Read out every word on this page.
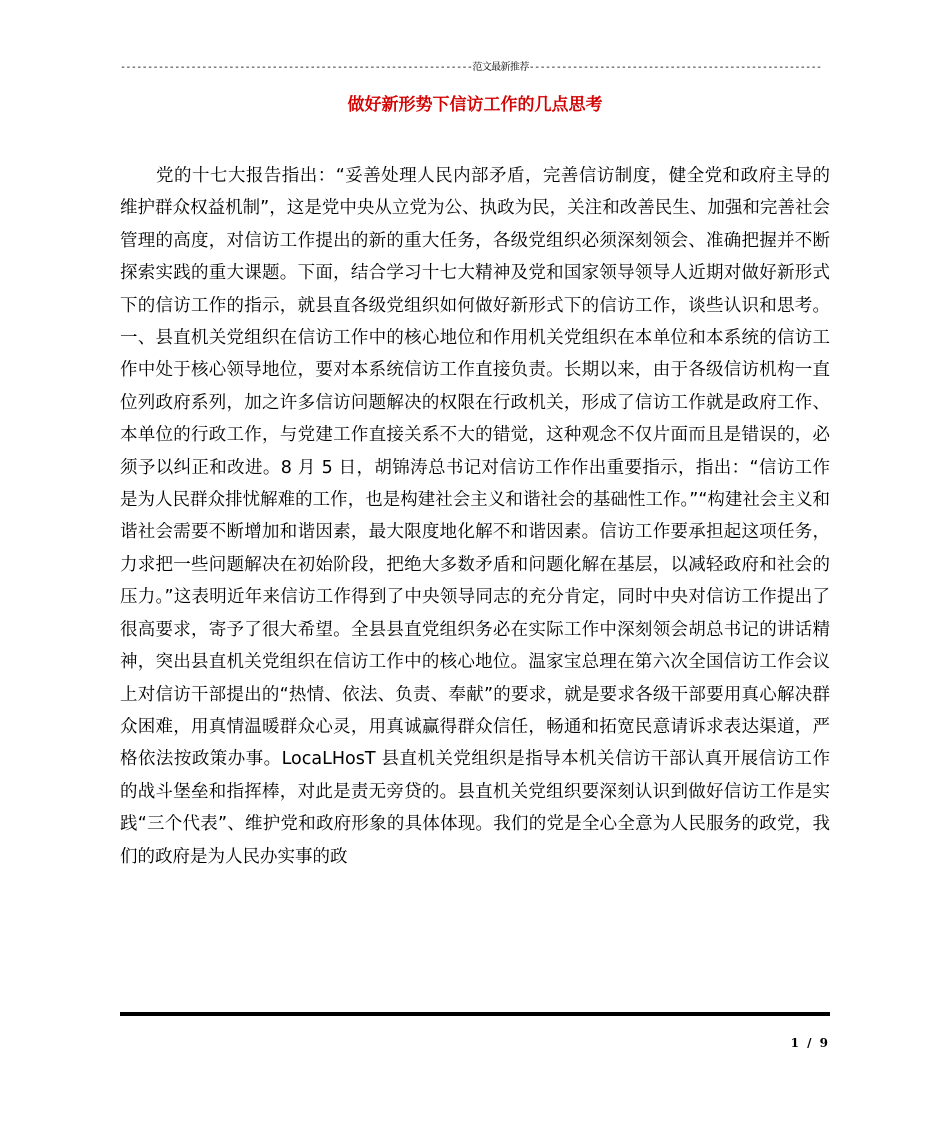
-----------------------------------------------------------------范文最新推荐------------------------------------------------------
做好新形势下信访工作的几点思考

党的十七大报告指出：“妥善处理人民内部矛盾，完善信访制度，健全党和政府主导的维护群众权益机制”，这是党中央从立党为公、执政为民，关注和改善民生、加强和完善社会管理的高度，对信访工作提出的新的重大任务，各级党组织必须深刻领会、准确把握并不断探索实践的重大课题。下面，结合学习十七大精神及党和国家领导领导人近期对做好新形式下的信访工作的指示，就县直各级党组织如何做好新形式下的信访工作，谈些认识和思考。一、县直机关党组织在信访工作中的核心地位和作用机关党组织在本单位和本系统的信访工作中处于核心领导地位，要对本系统信访工作直接负责。长期以来，由于各级信访机构一直位列政府系列，加之许多信访问题解决的权限在行政机关，形成了信访工作就是政府工作、本单位的行政工作，与党建工作直接关系不大的错觉，这种观念不仅片面而且是错误的，必须予以纠正和改进。8 月 5 日，胡锦涛总书记对信访工作作出重要指示，指出：“信访工作是为人民群众排忧解难的工作，也是构建社会主义和谐社会的基础性工作。”“构建社会主义和谐社会需要不断增加和谐因素，最大限度地化解不和谐因素。信访工作要承担起这项任务，力求把一些问题解决在初始阶段，把绝大多数矛盾和问题化解在基层，以减轻政府和社会的压力。”这表明近年来信访工作得到了中央领导同志的充分肯定，同时中央对信访工作提出了很高要求，寄予了很大希望。全县县直党组织务必在实际工作中深刻领会胡总书记的讲话精神，突出县直机关党组织在信访工作中的核心地位。温家宝总理在第六次全国信访工作会议上对信访干部提出的“热情、依法、负责、奉献”的要求，就是要求各级干部要用真心解决群众困难，用真情温暖群众心灵，用真诚赢得群众信任，畅通和拓宽民意请诉求表达渠道，严格依法按政策办事。LocaLHosT 县直机关党组织是指导本机关信访干部认真开展信访工作的战斗堡垒和指挥棒，对此是责无旁贷的。县直机关党组织要深刻认识到做好信访工作是实践“三个代表”、维护党和政府形象的具体体现。我们的党是全心全意为人民服务的政党，我们的政府是为人民办实事的政

1 / 9
